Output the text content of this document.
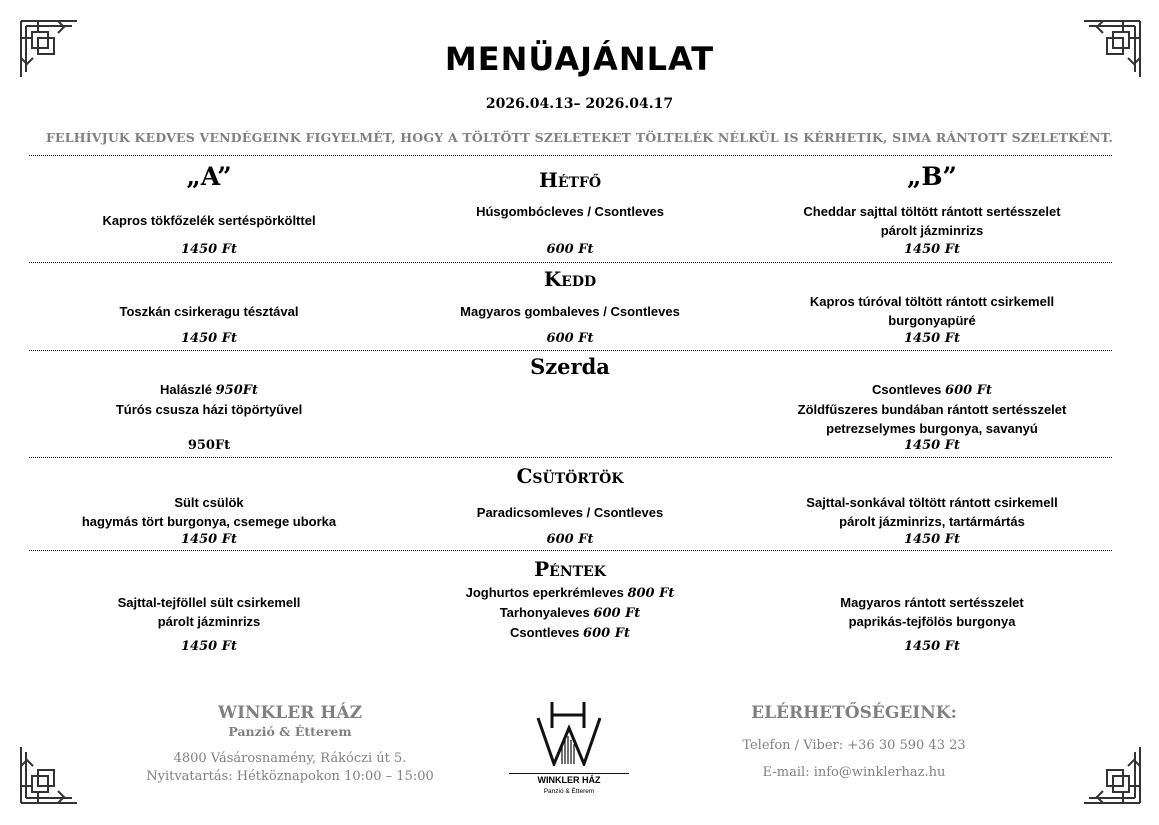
MENÜAJÁNLAT
2026.04.13– 2026.04.17
FELHÍVJUK KEDVES VENDÉGEINK FIGYELMÉT, HOGY A TÖLTÖTT SZELETEKET TÖLTELÉK NÉLKÜL IS KÉRHETIK, SIMA RÁNTOTT SZELETKÉNT.
„A”	„B”
Hétfő
Kapros tökfőzelék sertéspörkölttel
1450 Ft
Húsgombócleves / Csontleves
600 Ft
Cheddar sajttal töltött rántott sertésszelet
párolt jázminrizs
1450 Ft
Kedd
Toszkán csirkeragu tésztával
1450 Ft
Magyaros gombaleves / Csontleves
600 Ft
Kapros túróval töltött rántott csirkemell
burgonyapüré
1450 Ft
Szerda
Halászlé 950Ft
Túrós csusza házi töpörtyűvel
950Ft
Csontleves 600 Ft
Zöldfűszeres bundában rántott sertésszelet
petrezselymes burgonya, savanyú
1450 Ft
Csütörtök
Sült csülök
hagymás tört burgonya, csemege uborka
1450 Ft
Paradicsomleves / Csontleves
600 Ft
Sajttal-sonkával töltött rántott csirkemell
párolt jázminrizs, tartármártás
1450 Ft
Péntek
Sajttal-tejföllel sült csirkemell
párolt jázminrizs
1450 Ft
Joghurtos eperkrémleves 800 Ft
Tarhonyaleves 600 Ft
Csontleves 600 Ft
Magyaros rántott sertésszelet
paprikás-tejfölös burgonya
1450 Ft
WINKLER HÁZ
Panzió & Étterem
4800 Vásárosnamény, Rákóczi út 5.
Nyitvatartás: Hétköznapokon 10:00 – 15:00	WINKLER HÁZ
Panzió & Étterem
ELÉRHETŐSÉGEINK:
Telefon / Viber: +36 30 590 43 23
E-mail: info@winklerhaz.hu
